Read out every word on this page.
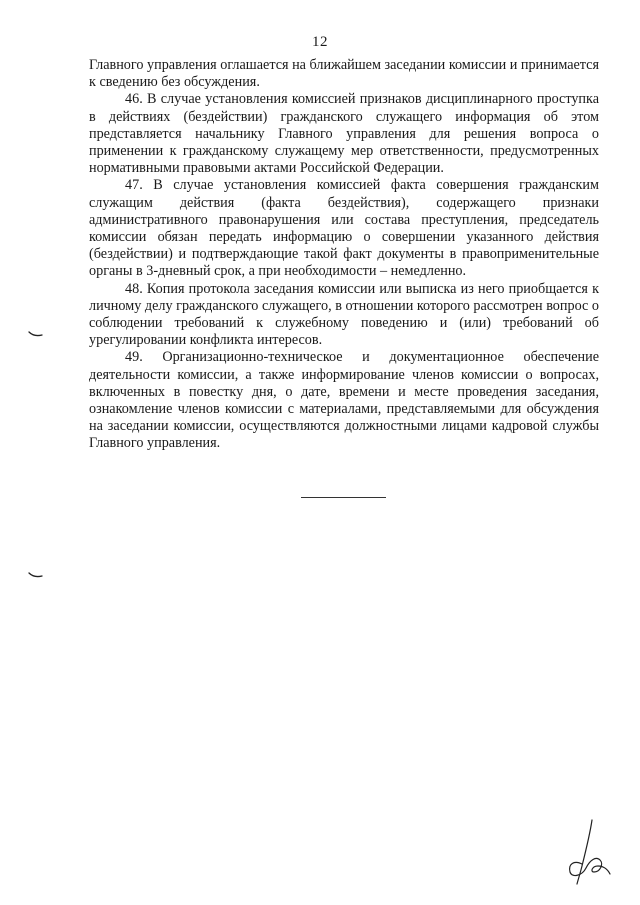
12

Главного управления оглашается на ближайшем заседании комиссии и принимается к сведению без обсуждения.

46. В случае установления комиссией признаков дисциплинарного проступка в действиях (бездействии) гражданского служащего информация об этом представляется начальнику Главного управления для решения вопроса о применении к гражданскому служащему мер ответственности, предусмотренных нормативными правовыми актами Российской Федерации.

47. В случае установления комиссией факта совершения гражданским служащим действия (факта бездействия), содержащего признаки административного правонарушения или состава преступления, председатель комиссии обязан передать информацию о совершении указанного действия (бездействии) и подтверждающие такой факт документы в правоприменительные органы в 3-дневный срок, а при необходимости – немедленно.

48. Копия протокола заседания комиссии или выписка из него приобщается к личному делу гражданского служащего, в отношении которого рассмотрен вопрос о соблюдении требований к служебному поведению и (или) требований об урегулировании конфликта интересов.

49. Организационно-техническое и документационное обеспечение деятельности комиссии, а также информирование членов комиссии о вопросах, включенных в повестку дня, о дате, времени и месте проведения заседания, ознакомление членов комиссии с материалами, представляемыми для обсуждения на заседании комиссии, осуществляются должностными лицами кадровой службы Главного управления.
